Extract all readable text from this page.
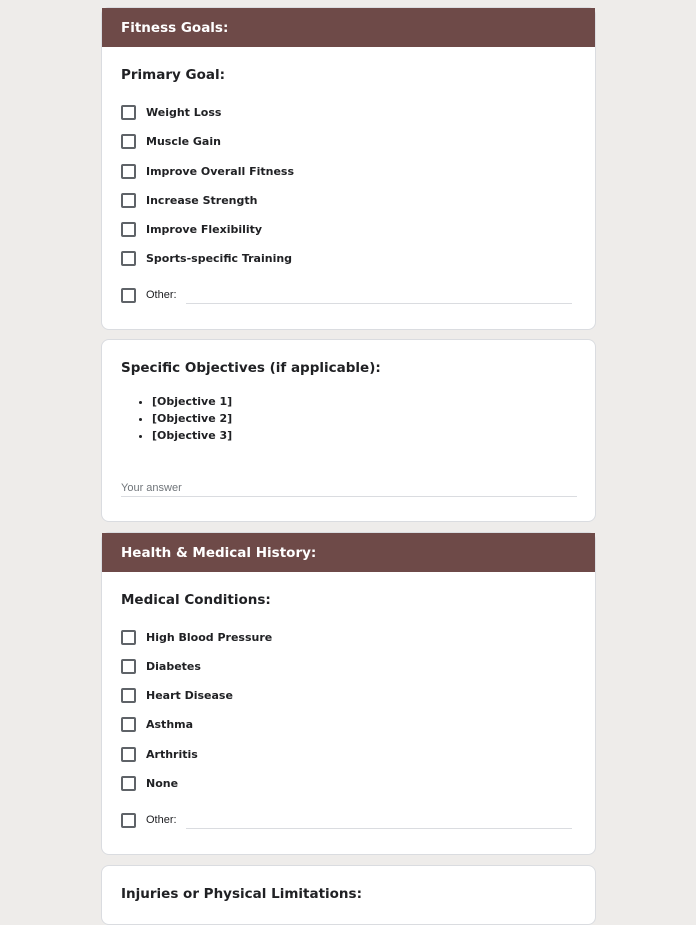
Fitness Goals:
Primary Goal:
Weight Loss
Muscle Gain
Improve Overall Fitness
Increase Strength
Improve Flexibility
Sports-specific Training
Other:
Specific Objectives (if applicable):
• [Objective 1]
• [Objective 2]
• [Objective 3]
Your answer
Health & Medical History:
Medical Conditions:
High Blood Pressure
Diabetes
Heart Disease
Asthma
Arthritis
None
Other:
Injuries or Physical Limitations:
